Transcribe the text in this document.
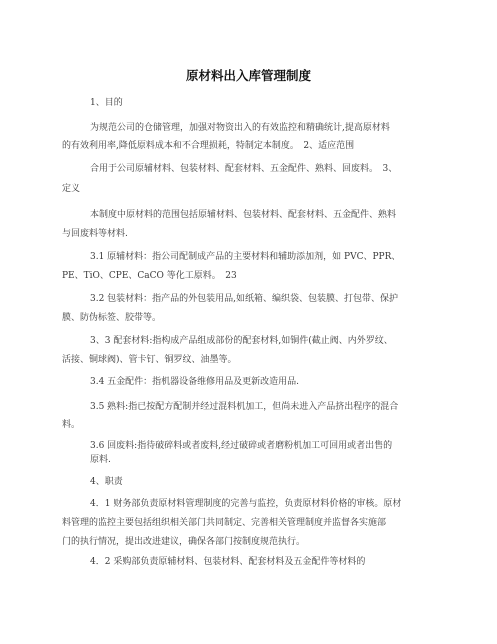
原材料出入库管理制度
1、目的
为规范公司的仓储管理，加强对物资出入的有效监控和精确统计,提高原材料
的有效利用率,降低原料成本和不合理损耗，特制定本制度。　2、适应范围
合用于公司原辅材料、包装材料、配套材料、五金配件、熟料、回废料。　3、
定义
本制度中原材料的范围包括原辅材料、包装材料、配套材料、五金配件、熟料
与回废料等材料.
3.1 原辅材料：指公司配制成产品的主要材料和辅助添加剂，如 PVC、PPR、
PE、TiO、CPE、CaCO 等化工原料。　23
3.2 包装材料：指产品的外包装用品,如纸箱、编织袋、包装膜、打包带、保护
膜、防伪标签、胶带等。
3、3 配套材料:指构成产品组成部份的配套材料,如铜件(截止阀、内外罗纹、
活接、铜球阀)、管卡钉、铜罗纹、油墨等。
3.4 五金配件：指机器设备维修用品及更新改造用品.
3.5 熟料:指已按配方配制并经过混料机加工，但尚未进入产品挤出程序的混合
料。
3.6 回废料:指待破碎料或者废料,经过破碎或者磨粉机加工可回用或者出售的
原料.
4、职责
4．1 财务部负责原材料管理制度的完善与监控，负责原材料价格的审核。原材
料管理的监控主要包括组织相关部门共同制定、完善相关管理制度并监督各实施部
门的执行情况，提出改进建议，确保各部门按制度规范执行。
4．2 采购部负责原辅材料、包装材料、配套材料及五金配件等材料的
